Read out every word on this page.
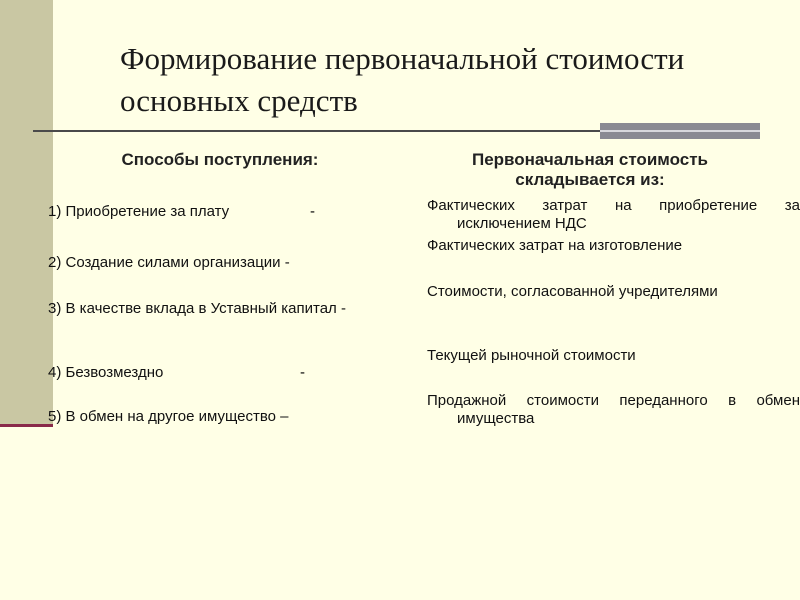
Формирование первоначальной стоимости основных средств
Способы поступления:
1) Приобретение за плату	-
2) Создание силами организации -
3) В качестве вклада в Уставный капитал -
4) Безвозмездно	-
5) В обмен на другое имущество –
Первоначальная стоимость складывается из:
Фактических затрат на приобретение за исключением НДС
Фактических затрат на изготовление
Стоимости, согласованной учредителями
Текущей рыночной стоимости
Продажной стоимости переданного в обмен имущества
